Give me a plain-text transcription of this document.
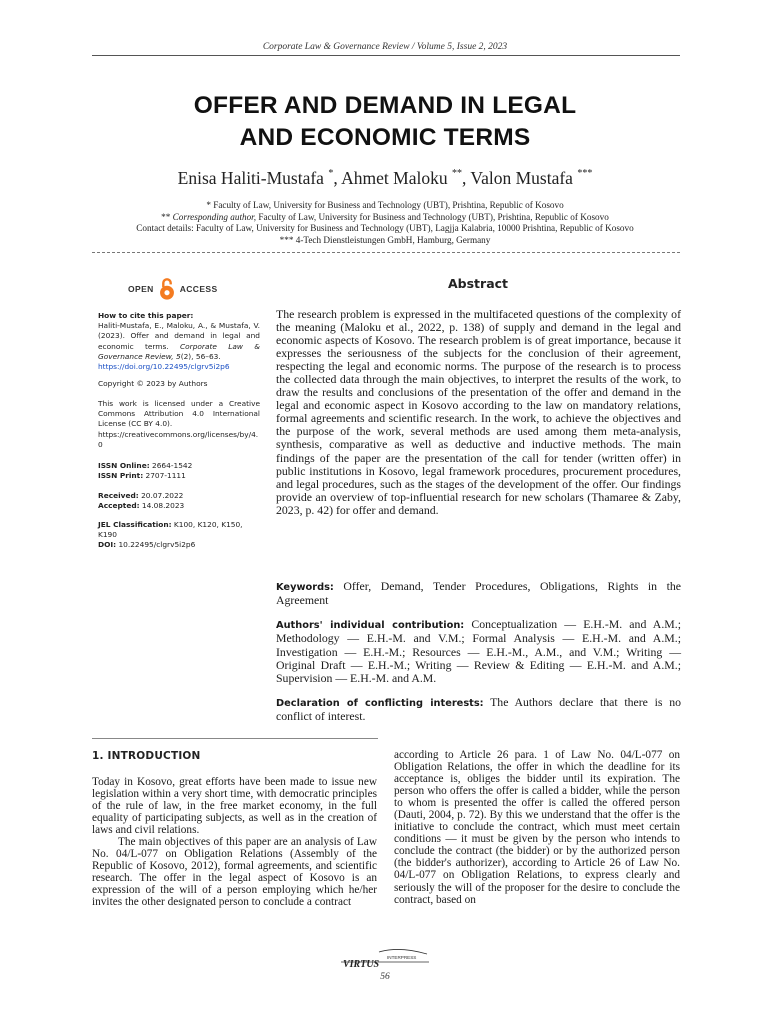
Corporate Law & Governance Review / Volume 5, Issue 2, 2023
OFFER AND DEMAND IN LEGAL
AND ECONOMIC TERMS
Enisa Haliti-Mustafa *, Ahmet Maloku **, Valon Mustafa ***
* Faculty of Law, University for Business and Technology (UBT), Prishtina, Republic of Kosovo
** Corresponding author, Faculty of Law, University for Business and Technology (UBT), Prishtina, Republic of Kosovo
Contact details: Faculty of Law, University for Business and Technology (UBT), Lagjja Kalabria, 10000 Prishtina, Republic of Kosovo
*** 4-Tech Dienstleistungen GmbH, Hamburg, Germany
OPEN	ACCESS
How to cite this paper:
Haliti-Mustafa, E., Maloku, A., & Mustafa, V. (2023). Offer and demand in legal and economic terms. Corporate Law & Governance Review, 5(2), 56–63.
https://doi.org/10.22495/clgrv5i2p6
Copyright © 2023 by Authors
This work is licensed under a Creative Commons Attribution 4.0 International License (CC BY 4.0).
https://creativecommons.org/licenses/by/4.0
ISSN Online: 2664-1542
ISSN Print: 2707-1111
Received: 20.07.2022
Accepted: 14.08.2023
JEL Classification: K100, K120, K150, K190
DOI: 10.22495/clgrv5i2p6
Abstract

The research problem is expressed in the multifaceted questions of the complexity of the meaning (Maloku et al., 2022, p. 138) of supply and demand in the legal and economic aspects of Kosovo. The research problem is of great importance, because it expresses the seriousness of the subjects for the conclusion of their agreement, respecting the legal and economic norms. The purpose of the research is to process the collected data through the main objectives, to interpret the results of the work, to draw the results and conclusions of the presentation of the offer and demand in the legal and economic aspect in Kosovo according to the law on mandatory relations, formal agreements and scientific research. In the work, to achieve the objectives and the purpose of the work, several methods are used among them meta-analysis, synthesis, comparative as well as deductive and inductive methods. The main findings of the paper are the presentation of the call for tender (written offer) in public institutions in Kosovo, legal framework procedures, procurement procedures, and legal procedures, such as the stages of the development of the offer. Our findings provide an overview of top-influential research for new scholars (Thamaree & Zaby, 2023, p. 42) for offer and demand.

Keywords: Offer, Demand, Tender Procedures, Obligations, Rights in the Agreement

Authors' individual contribution: Conceptualization — E.H.-M. and A.M.; Methodology — E.H.-M. and V.M.; Formal Analysis — E.H.-M. and A.M.; Investigation — E.H.-M.; Resources — E.H.-M., A.M., and V.M.; Writing — Original Draft — E.H.-M.; Writing — Review & Editing — E.H.-M. and A.M.; Supervision — E.H.-M. and A.M.

Declaration of conflicting interests: The Authors declare that there is no conflict of interest.

1. INTRODUCTION

Today in Kosovo, great efforts have been made to issue new legislation within a very short time, with democratic principles of the rule of law, in the free market economy, in the full equality of participating subjects, as well as in the creation of laws and civil relations.

The main objectives of this paper are an analysis of Law No. 04/L-077 on Obligation Relations (Assembly of the Republic of Kosovo, 2012), formal agreements, and scientific research. The offer in the legal aspect of Kosovo is an expression of the will of a person employing which he/her invites the other designated person to conclude a contract

according to Article 26 para. 1 of Law No. 04/L-077 on Obligation Relations, the offer in which the deadline for its acceptance is, obliges the bidder until its expiration. The person who offers the offer is called a bidder, while the person to whom is presented the offer is called the offered person (Dauti, 2004, p. 72). By this we understand that the offer is the initiative to conclude the contract, which must meet certain conditions — it must be given by the person who intends to conclude the contract (the bidder) or by the authorized person (the bidder's authorizer), according to Article 26 of Law No. 04/L-077 on Obligation Relations, to express clearly and seriously the will of the proposer for the desire to conclude the contract, based on

VIRTUS
INTERPRESS
56
